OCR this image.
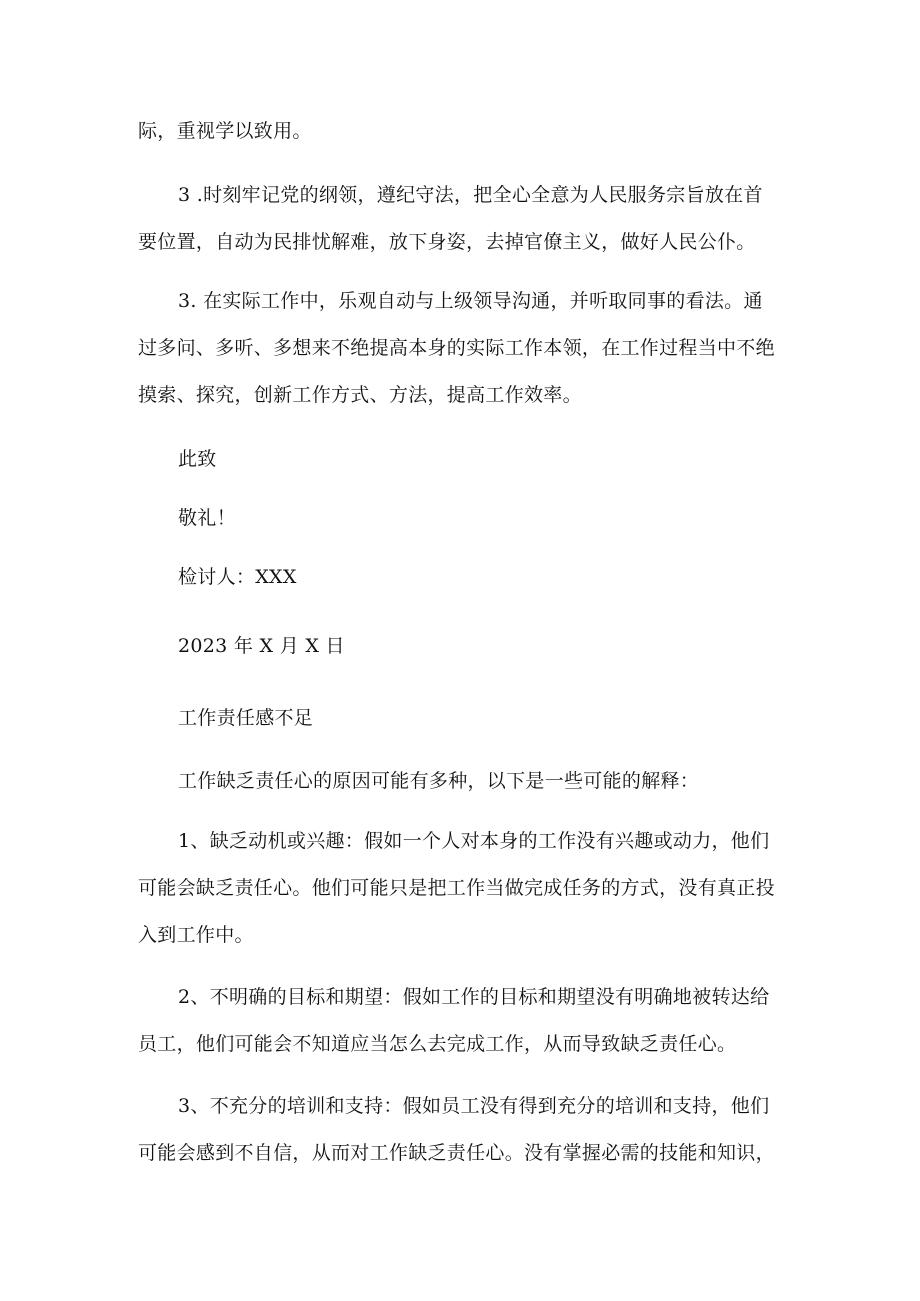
际，重视学以致用。
3 .时刻牢记党的纲领，遵纪守法，把全心全意为人民服务宗旨放在首
要位置，自动为民排忧解难，放下身姿，去掉官僚主义，做好人民公仆。
3. 在实际工作中，乐观自动与上级领导沟通，并听取同事的看法。通
过多问、多听、多想来不绝提高本身的实际工作本领，在工作过程当中不绝
摸索、探究，创新工作方式、方法，提高工作效率。
此致
敬礼！
检讨人：XXX
2023 年 X 月 X 日
工作责任感不足
工作缺乏责任心的原因可能有多种，以下是一些可能的解释：
1、缺乏动机或兴趣：假如一个人对本身的工作没有兴趣或动力，他们
可能会缺乏责任心。他们可能只是把工作当做完成任务的方式，没有真正投
入到工作中。
2、不明确的目标和期望：假如工作的目标和期望没有明确地被转达给
员工，他们可能会不知道应当怎么去完成工作，从而导致缺乏责任心。
3、不充分的培训和支持：假如员工没有得到充分的培训和支持，他们
可能会感到不自信，从而对工作缺乏责任心。没有掌握必需的技能和知识，
